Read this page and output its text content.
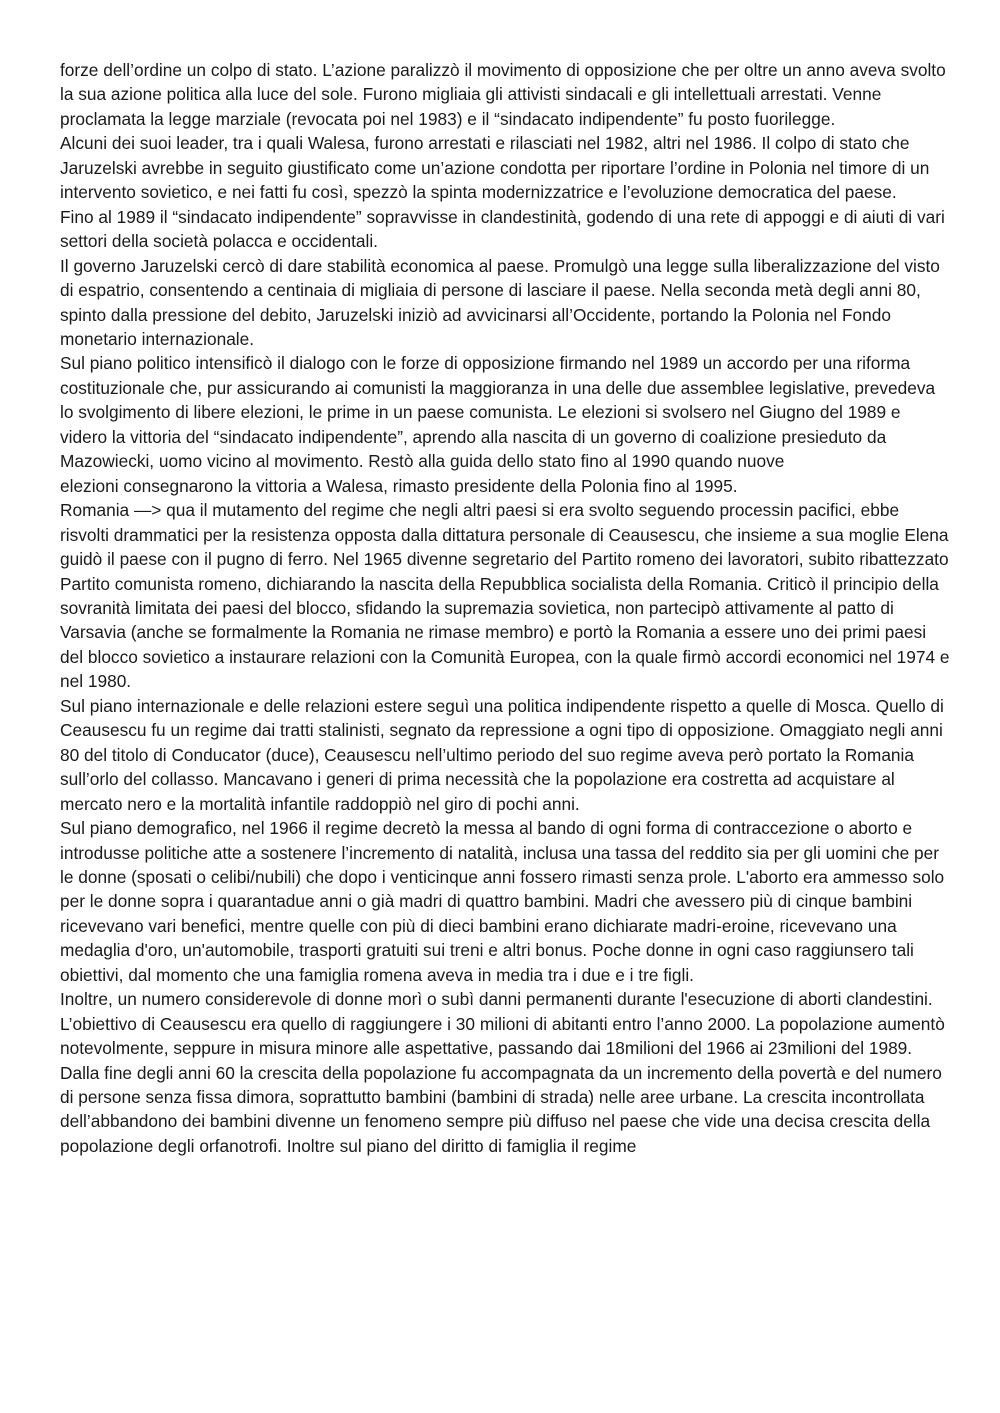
forze dell’ordine un colpo di stato. L’azione paralizzò il movimento di opposizione che per oltre un anno aveva svolto la sua azione politica alla luce del sole. Furono migliaia gli attivisti sindacali e gli intellettuali arrestati. Venne proclamata la legge marziale (revocata poi nel 1983) e il “sindacato indipendente” fu posto fuorilegge.

Alcuni dei suoi leader, tra i quali Walesa, furono arrestati e rilasciati nel 1982, altri nel 1986. Il colpo di stato che Jaruzelski avrebbe in seguito giustificato come un’azione condotta per riportare l’ordine in Polonia nel timore di un intervento sovietico, e nei fatti fu così, spezzò la spinta modernizzatrice e l’evoluzione democratica del paese.

Fino al 1989 il “sindacato indipendente” sopravvisse in clandestinità, godendo di una rete di appoggi e di aiuti di vari settori della società polacca e occidentali.

Il governo Jaruzelski cercò di dare stabilità economica al paese. Promulgò una legge sulla liberalizzazione del visto di espatrio, consentendo a centinaia di migliaia di persone di lasciare il paese. Nella seconda metà degli anni 80, spinto dalla pressione del debito, Jaruzelski iniziò ad avvicinarsi all’Occidente, portando la Polonia nel Fondo monetario internazionale.

Sul piano politico intensificò il dialogo con le forze di opposizione firmando nel 1989 un accordo per una riforma costituzionale che, pur assicurando ai comunisti la maggioranza in una delle due assemblee legislative, prevedeva lo svolgimento di libere elezioni, le prime in un paese comunista. Le elezioni si svolsero nel Giugno del 1989 e videro la vittoria del “sindacato indipendente”, aprendo alla nascita di un governo di coalizione presieduto da Mazowiecki, uomo vicino al movimento. Restò alla guida dello stato fino al 1990 quando nuove

elezioni consegnarono la vittoria a Walesa, rimasto presidente della Polonia fino al 1995.

Romania —> qua il mutamento del regime che negli altri paesi si era svolto seguendo processin pacifici, ebbe risvolti drammatici per la resistenza opposta dalla dittatura personale di Ceausescu, che insieme a sua moglie Elena guidò il paese con il pugno di ferro. Nel 1965 divenne segretario del Partito romeno dei lavoratori, subito ribattezzato Partito comunista romeno, dichiarando la nascita della Repubblica socialista della Romania. Criticò il principio della sovranità limitata dei paesi del blocco, sfidando la supremazia sovietica, non partecipò attivamente al patto di Varsavia (anche se formalmente la Romania ne rimase membro) e portò la Romania a essere uno dei primi paesi del blocco sovietico a instaurare relazioni con la Comunità Europea, con la quale firmò accordi economici nel 1974 e nel 1980.

Sul piano internazionale e delle relazioni estere seguì una politica indipendente rispetto a quelle di Mosca. Quello di Ceausescu fu un regime dai tratti stalinisti, segnato da repressione a ogni tipo di opposizione. Omaggiato negli anni 80 del titolo di Conducator (duce), Ceausescu nell’ultimo periodo del suo regime aveva però portato la Romania sull’orlo del collasso. Mancavano i generi di prima necessità che la popolazione era costretta ad acquistare al mercato nero e la mortalità infantile raddoppiò nel giro di pochi anni.

Sul piano demografico, nel 1966 il regime decretò la messa al bando di ogni forma di contraccezione o aborto e introdusse politiche atte a sostenere l’incremento di natalità, inclusa una tassa del reddito sia per gli uomini che per le donne (sposati o celibi/nubili) che dopo i venticinque anni fossero rimasti senza prole. L'aborto era ammesso solo per le donne sopra i quarantadue anni o già madri di quattro bambini. Madri che avessero più di cinque bambini ricevevano vari benefici, mentre quelle con più di dieci bambini erano dichiarate madri-eroine, ricevevano una medaglia d'oro, un'automobile, trasporti gratuiti sui treni e altri bonus. Poche donne in ogni caso raggiunsero tali obiettivi, dal momento che una famiglia romena aveva in media tra i due e i tre figli.

Inoltre, un numero considerevole di donne morì o subì danni permanenti durante l'esecuzione di aborti clandestini.

L’obiettivo di Ceausescu era quello di raggiungere i 30 milioni di abitanti entro l’anno 2000. La popolazione aumentò notevolmente, seppure in misura minore alle aspettative, passando dai 18milioni del 1966 ai 23milioni del 1989.

Dalla fine degli anni 60 la crescita della popolazione fu accompagnata da un incremento della povertà e del numero di persone senza fissa dimora, soprattutto bambini (bambini di strada) nelle aree urbane. La crescita incontrollata dell’abbandono dei bambini divenne un fenomeno sempre più diffuso nel paese che vide una decisa crescita della popolazione degli orfanotrofi. Inoltre sul piano del diritto di famiglia il regime
